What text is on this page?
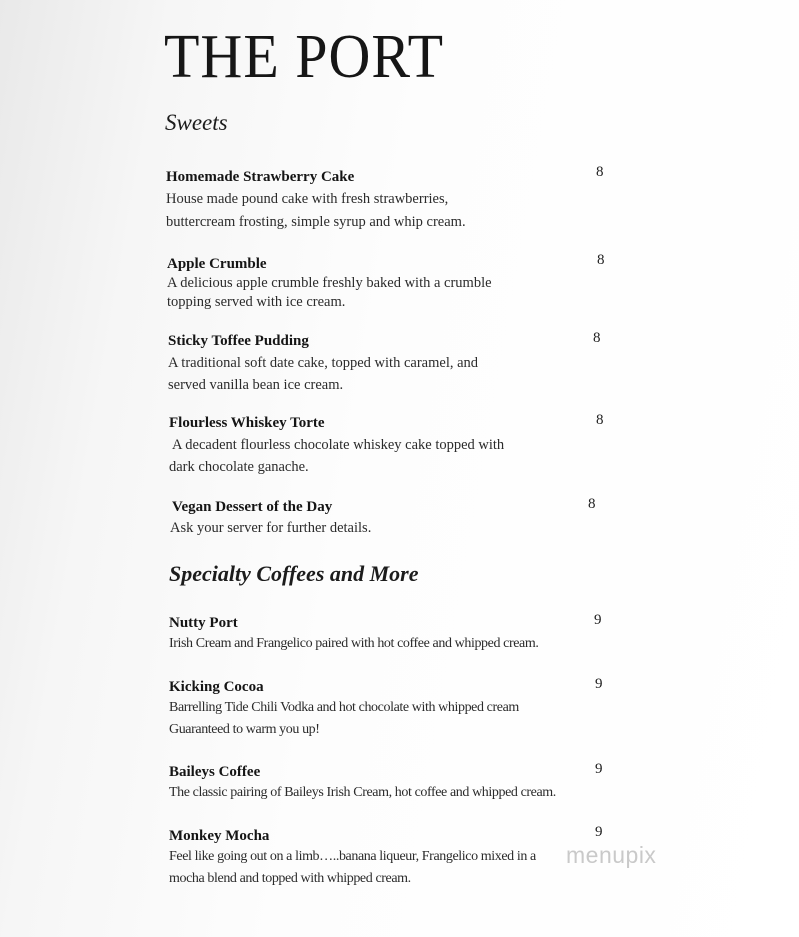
THE PORT
Sweets
Homemade Strawberry Cake
House made pound cake with fresh strawberries,
buttercream frosting, simple syrup and whip cream.
8
Apple Crumble
A delicious apple crumble freshly baked with a crumble
topping served with ice cream.
8
Sticky Toffee Pudding
A traditional soft date cake, topped with caramel, and
served vanilla bean ice cream.
8
Flourless Whiskey Torte
A decadent flourless chocolate whiskey cake topped with
dark chocolate ganache.
8
Vegan Dessert of the Day
Ask your server for further details.
8
Specialty Coffees and More
Nutty Port
Irish Cream and Frangelico paired with hot coffee and whipped cream.
9
Kicking Cocoa
Barrelling Tide Chili Vodka and hot chocolate with whipped cream
Guaranteed to warm you up!
9
Baileys Coffee
The classic pairing of Baileys Irish Cream, hot coffee and whipped cream.
9
Monkey Mocha
Feel like going out on a limb…..banana liqueur, Frangelico mixed in a
mocha blend and topped with whipped cream.
9
menupix
